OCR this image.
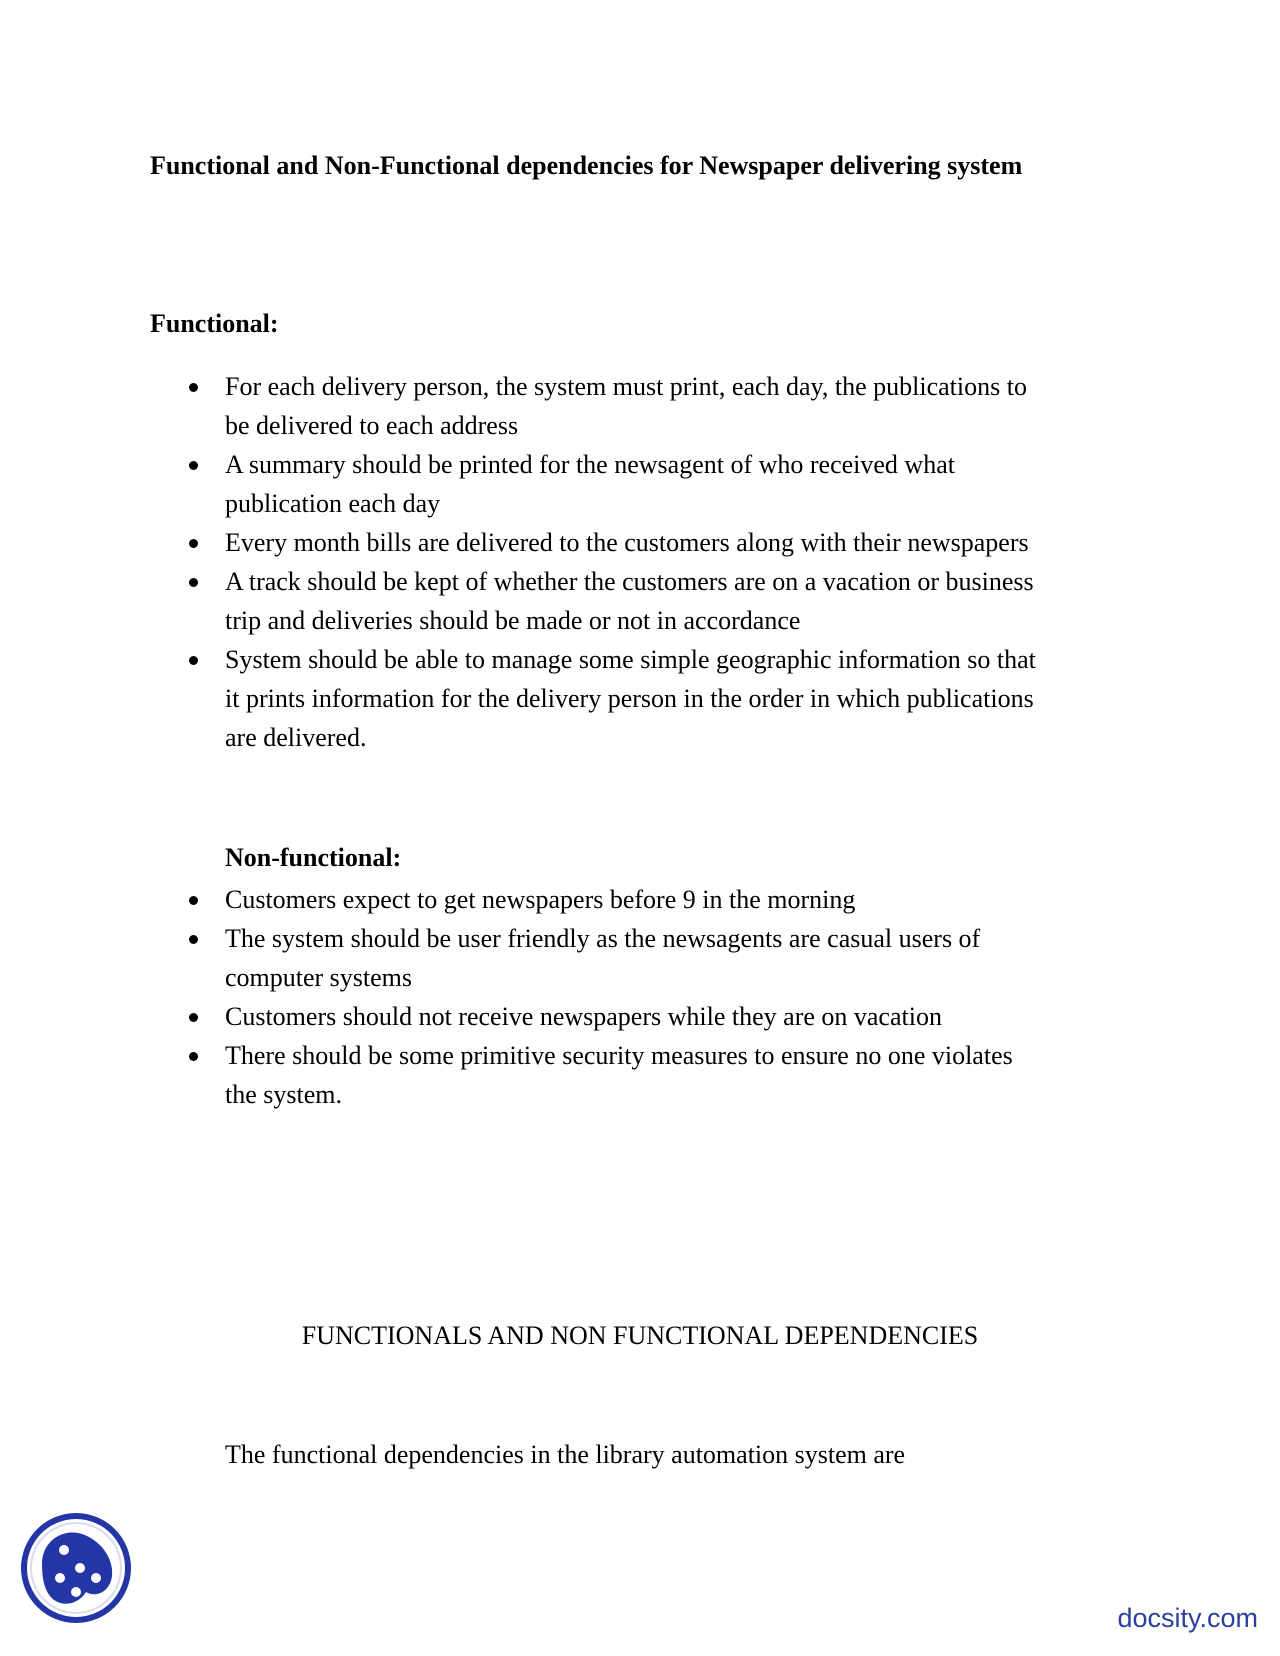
Functional and Non-Functional dependencies for Newspaper delivering system
Functional:
For each delivery person, the system must print, each day, the publications to be delivered to each address
A summary should be printed for the newsagent of who received what publication each day
Every month bills are delivered to the customers along with their newspapers
A track should be kept of whether the customers are on a vacation or business trip and deliveries should be made or not in accordance
System should be able to manage some simple geographic information so that it prints information for the delivery person in the order in which publications are delivered.
Non-functional:
Customers expect to get newspapers before 9 in the morning
The system should be user friendly as the newsagents are casual users of computer systems
Customers should not receive newspapers while they are on vacation
There should be some primitive security measures to ensure no one violates the system.

FUNCTIONALS AND NON FUNCTIONAL DEPENDENCIES

The functional dependencies in the library automation system are

docsity.com
